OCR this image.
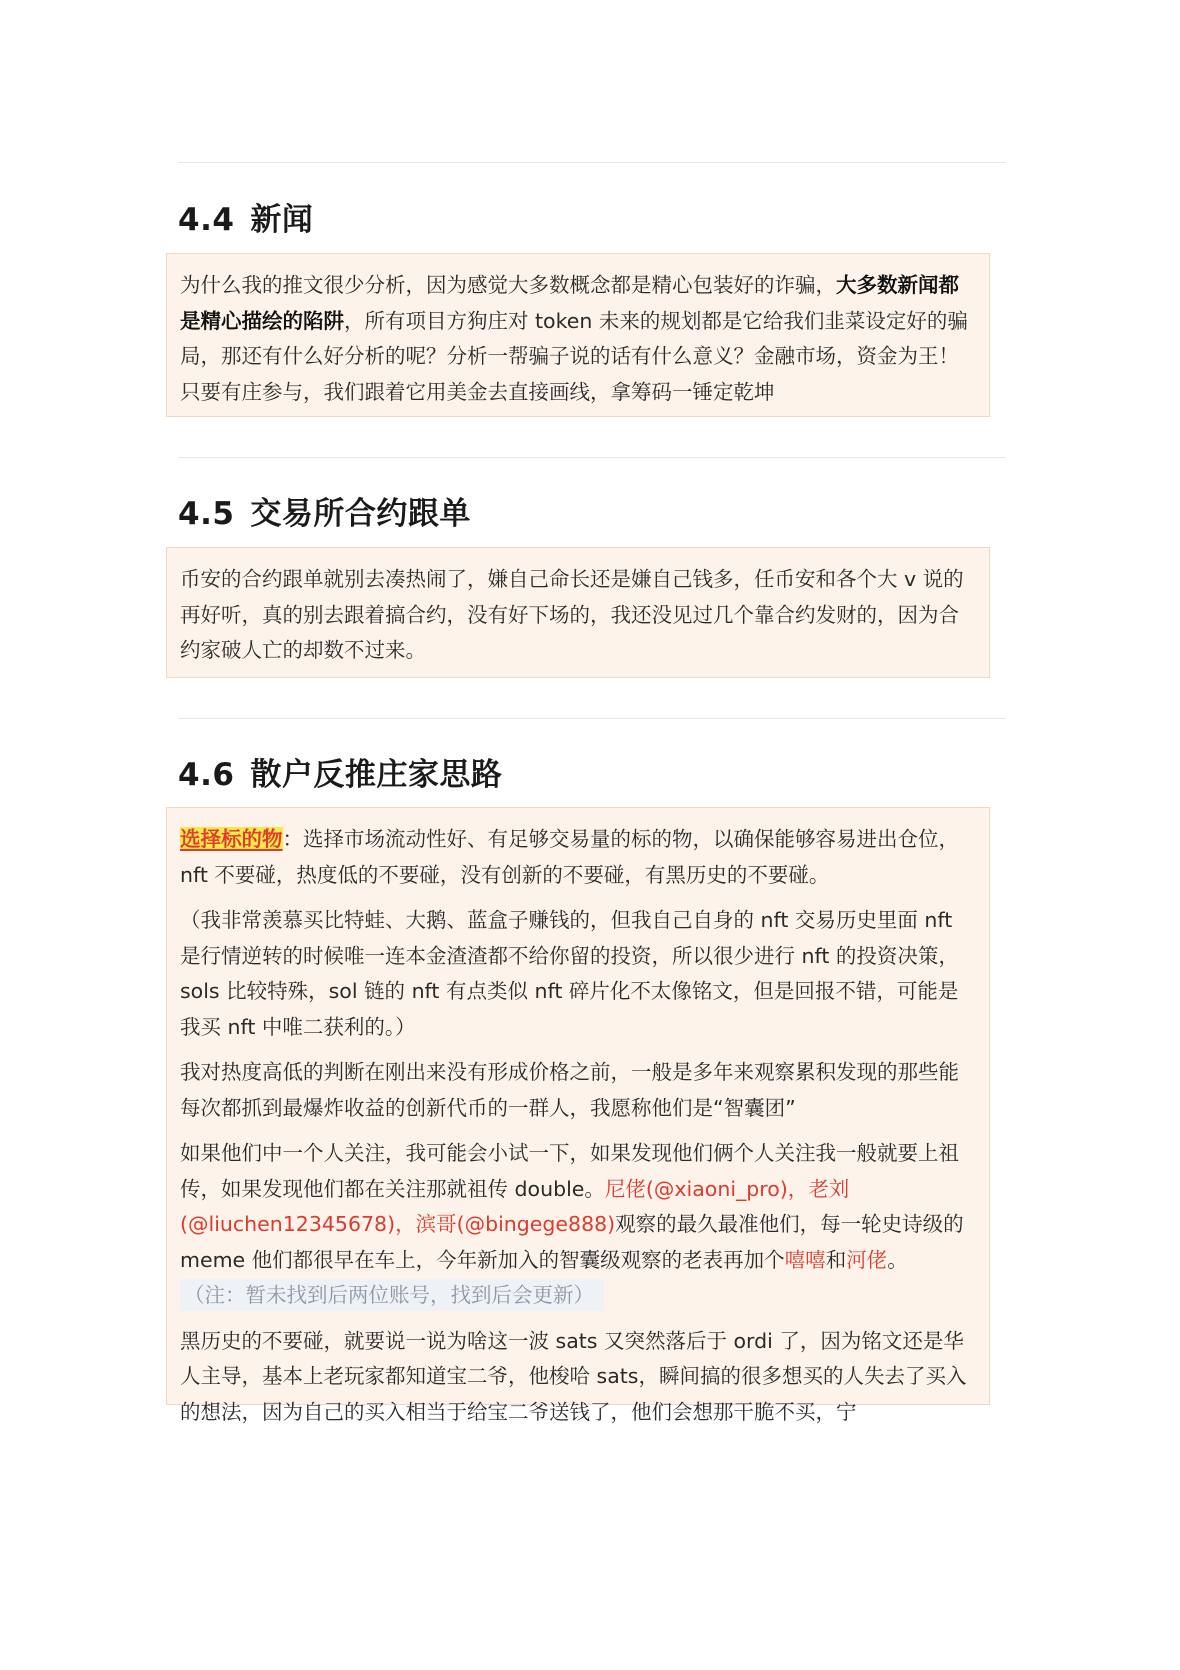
4.4 新闻

为什么我的推文很少分析，因为感觉大多数概念都是精心包装好的诈骗，大多数新闻都是精心描绘的陷阱，所有项目方狗庄对 token 未来的规划都是它给我们韭菜设定好的骗局，那还有什么好分析的呢？分析一帮骗子说的话有什么意义？金融市场，资金为王！只要有庄参与，我们跟着它用美金去直接画线，拿筹码一锤定乾坤

4.5 交易所合约跟单

币安的合约跟单就别去凑热闹了，嫌自己命长还是嫌自己钱多，任币安和各个大 v 说的再好听，真的别去跟着搞合约，没有好下场的，我还没见过几个靠合约发财的，因为合约家破人亡的却数不过来。

4.6 散户反推庄家思路

选择标的物：选择市场流动性好、有足够交易量的标的物，以确保能够容易进出仓位，nft 不要碰，热度低的不要碰，没有创新的不要碰，有黑历史的不要碰。

（我非常羡慕买比特蛙、大鹅、蓝盒子赚钱的，但我自己自身的 nft 交易历史里面 nft 是行情逆转的时候唯一连本金渣渣都不给你留的投资，所以很少进行 nft 的投资决策，sols 比较特殊，sol 链的 nft 有点类似 nft 碎片化不太像铭文，但是回报不错，可能是我买 nft 中唯二获利的。）

我对热度高低的判断在刚出来没有形成价格之前，一般是多年来观察累积发现的那些能每次都抓到最爆炸收益的创新代币的一群人，我愿称他们是“智囊团”

如果他们中一个人关注，我可能会小试一下，如果发现他们俩个人关注我一般就要上祖传，如果发现他们都在关注那就祖传 double。尼佬(@xiaoni_pro)，老刘(@liuchen12345678)，滨哥(@bingege888)观察的最久最准他们，每一轮史诗级的 meme 他们都很早在车上，今年新加入的智囊级观察的老表再加个嘻嘻和河佬。
（注：暂未找到后两位账号，找到后会更新）

黑历史的不要碰，就要说一说为啥这一波 sats 又突然落后于 ordi 了，因为铭文还是华人主导，基本上老玩家都知道宝二爷，他梭哈 sats，瞬间搞的很多想买的人失去了买入的想法，因为自己的买入相当于给宝二爷送钱了，他们会想那干脆不买，宁
